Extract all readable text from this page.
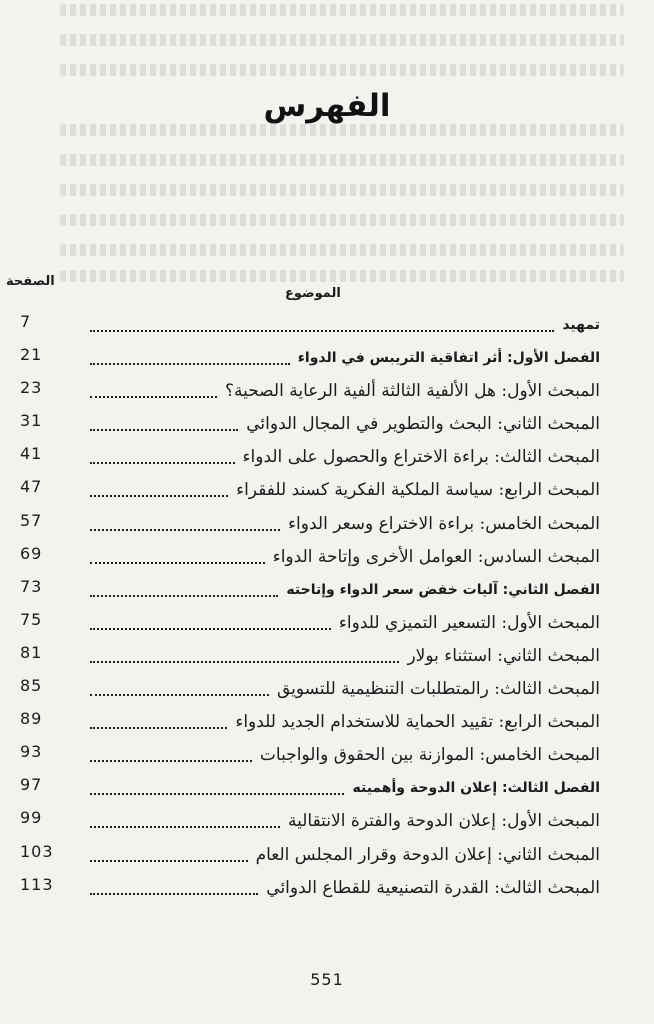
الفهرس
الصفحة
الموضوع
7	تمهيد
21	الفصل الأول: أثر اتفاقية التريبس في الدواء
23	المبحث الأول: هل الألفية الثالثة ألفية الرعاية الصحية؟
31	المبحث الثاني: البحث والتطوير في المجال الدوائي
41	المبحث الثالث: براءة الاختراع والحصول على الدواء
47	المبحث الرابع: سياسة الملكية الفكرية كسند للفقراء
57	المبحث الخامس: براءة الاختراع وسعر الدواء
69	المبحث السادس: العوامل الأخرى وإتاحة الدواء
73	الفصل الثاني: آليات خفض سعر الدواء وإتاحته
75	المبحث الأول: التسعير التميزي للدواء
81	المبحث الثاني: استثناء بولار
85	المبحث الثالث: رالمتطلبات التنظيمية للتسويق
89	المبحث الرابع: تقييد الحماية للاستخدام الجديد للدواء
93	المبحث الخامس: الموازنة بين الحقوق والواجبات
97	الفصل الثالث: إعلان الدوحة وأهميته
99	المبحث الأول: إعلان الدوحة والفترة الانتقالية
103	المبحث الثاني: إعلان الدوحة وقرار المجلس العام
113	المبحث الثالث: القدرة التصنيعية للقطاع الدوائي
551
